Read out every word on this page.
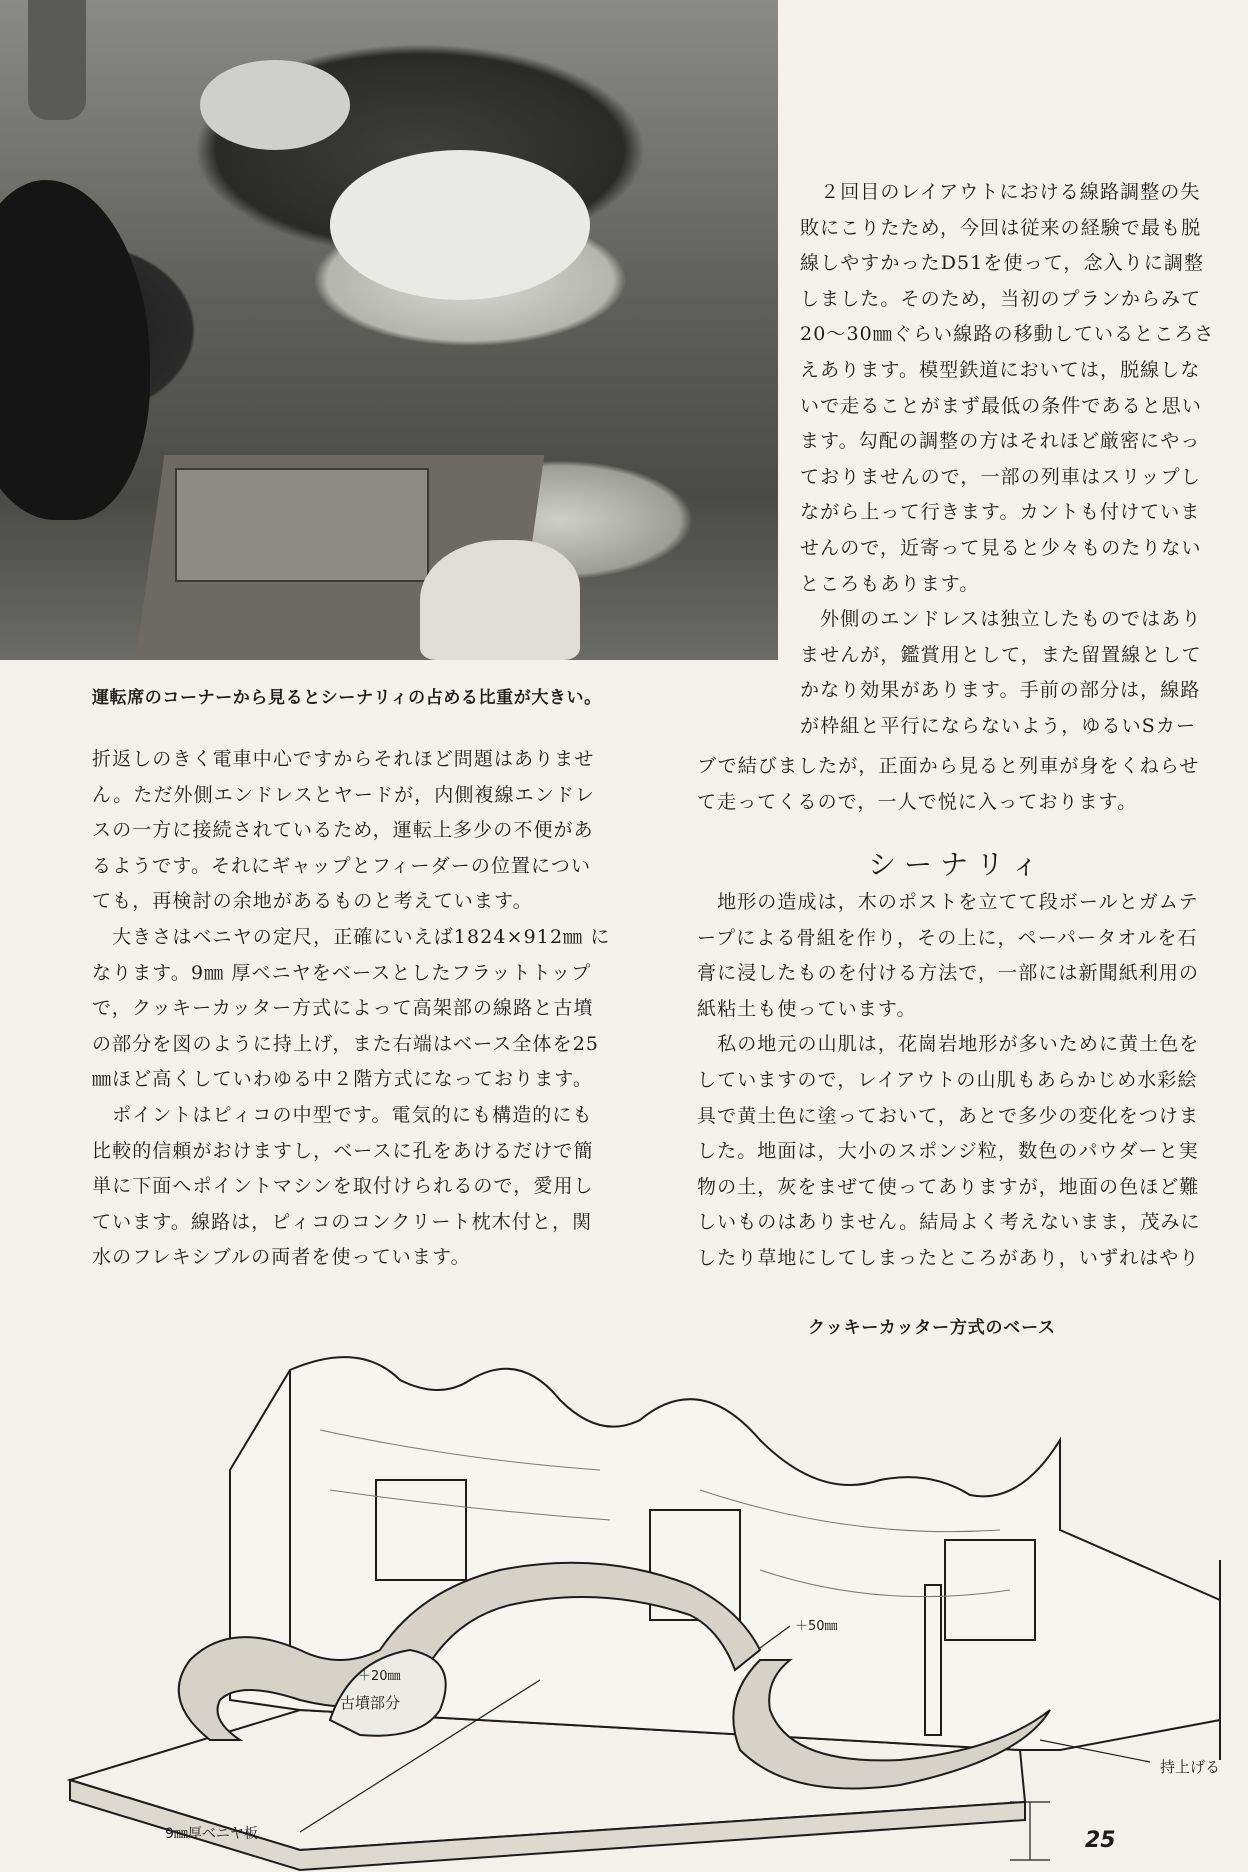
運転席のコーナーから見るとシーナリィの占める比重が大きい。

　２回目のレイアウトにおける線路調整の失
敗にこりたため，今回は従来の経験で最も脱
線しやすかったD51を使って，念入りに調整
しました。そのため，当初のプランからみて
20～30㎜ぐらい線路の移動しているところさ
えあります。模型鉄道においては，脱線しな
いで走ることがまず最低の条件であると思い
ます。勾配の調整の方はそれほど厳密にやっ
ておりませんので，一部の列車はスリップし
ながら上って行きます。カントも付けていま
せんので，近寄って見ると少々ものたりない
ところもあります。

　外側のエンドレスは独立したものではあり
ませんが，鑑賞用として，また留置線として
かなり効果があります。手前の部分は，線路
が枠組と平行にならないよう，ゆるいSカー

ブで結びましたが，正面から見ると列車が身をくねらせ
て走ってくるので，一人で悦に入っております。

折返しのきく電車中心ですからそれほど問題はありませ
ん。ただ外側エンドレスとヤードが，内側複線エンドレ
スの一方に接続されているため，運転上多少の不便があ
るようです。それにギャップとフィーダーの位置につい
ても，再検討の余地があるものと考えています。

　大きさはベニヤの定尺，正確にいえば1824×912㎜ に
なります。9㎜ 厚ベニヤをベースとしたフラットトップ
で，クッキーカッター方式によって高架部の線路と古墳
の部分を図のように持上げ，また右端はベース全体を25
㎜ほど高くしていわゆる中２階方式になっております。

　ポイントはピィコの中型です。電気的にも構造的にも
比較的信頼がおけますし，ベースに孔をあけるだけで簡
単に下面へポイントマシンを取付けられるので，愛用し
ています。線路は，ピィコのコンクリート枕木付と，関
水のフレキシブルの両者を使っています。

シーナリィ

　地形の造成は，木のポストを立てて段ボールとガムテ
ープによる骨組を作り，その上に，ペーパータオルを石
膏に浸したものを付ける方法で，一部には新聞紙利用の
紙粘土も使っています。

　私の地元の山肌は，花崗岩地形が多いために黄土色を
していますので，レイアウトの山肌もあらかじめ水彩絵
具で黄土色に塗っておいて，あとで多少の変化をつけま
した。地面は，大小のスポンジ粒，数色のパウダーと実
物の土，灰をまぜて使ってありますが，地面の色ほど難
しいものはありません。結局よく考えないまま，茂みに
したり草地にしてしまったところがあり，いずれはやり

クッキーカッター方式のベース
＋20㎜
古墳部分
＋50㎜
持上げる
25
9㎜厚ベニヤ板
